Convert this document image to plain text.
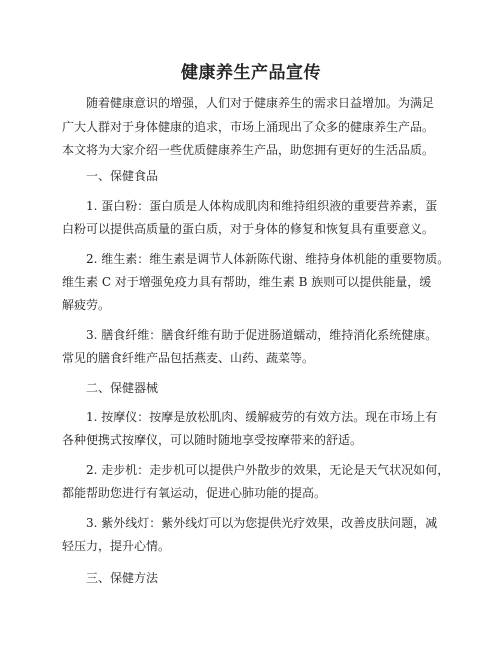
健康养生产品宣传
随着健康意识的增强，人们对于健康养生的需求日益增加。为满足
广大人群对于身体健康的追求，市场上涌现出了众多的健康养生产品。
本文将为大家介绍一些优质健康养生产品，助您拥有更好的生活品质。
一、保健食品
1. 蛋白粉：蛋白质是人体构成肌肉和维持组织液的重要营养素，蛋
白粉可以提供高质量的蛋白质，对于身体的修复和恢复具有重要意义。
2. 维生素：维生素是调节人体新陈代谢、维持身体机能的重要物质。
维生素 C 对于增强免疫力具有帮助，维生素 B 族则可以提供能量，缓
解疲劳。
3. 膳食纤维：膳食纤维有助于促进肠道蠕动，维持消化系统健康。
常见的膳食纤维产品包括燕麦、山药、蔬菜等。
二、保健器械
1. 按摩仪：按摩是放松肌肉、缓解疲劳的有效方法。现在市场上有
各种便携式按摩仪，可以随时随地享受按摩带来的舒适。
2. 走步机：走步机可以提供户外散步的效果，无论是天气状况如何，
都能帮助您进行有氧运动，促进心肺功能的提高。
3. 紫外线灯：紫外线灯可以为您提供光疗效果，改善皮肤问题，减
轻压力，提升心情。
三、保健方法
